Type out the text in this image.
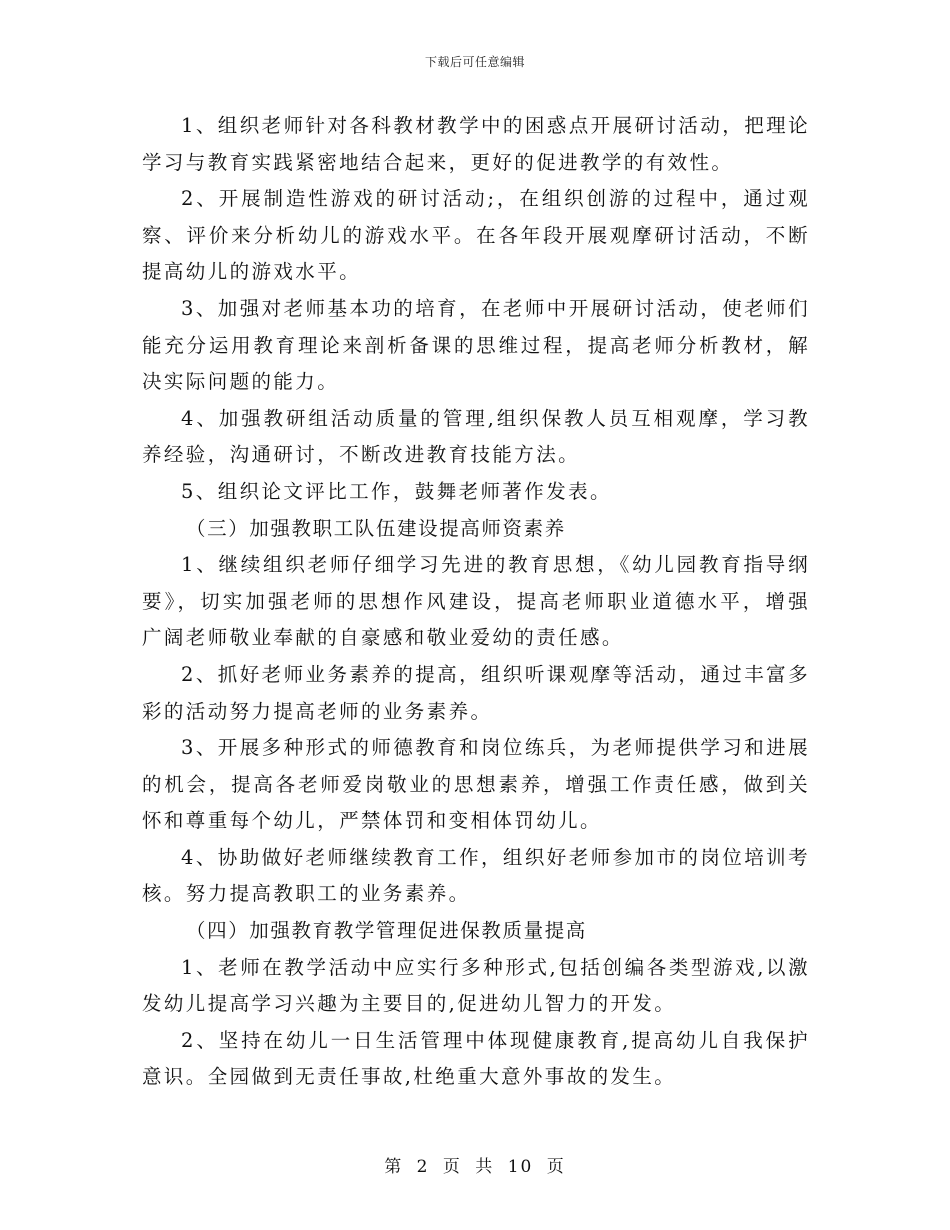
下载后可任意编辑

1、组织老师针对各科教材教学中的困惑点开展研讨活动，把理论学习与教育实践紧密地结合起来，更好的促进教学的有效性。

2、开展制造性游戏的研讨活动;，在组织创游的过程中，通过观察、评价来分析幼儿的游戏水平。在各年段开展观摩研讨活动，不断提高幼儿的游戏水平。

3、加强对老师基本功的培育，在老师中开展研讨活动，使老师们能充分运用教育理论来剖析备课的思维过程，提高老师分析教材，解决实际问题的能力。

4、加强教研组活动质量的管理,组织保教人员互相观摩，学习教养经验，沟通研讨，不断改进教育技能方法。

5、组织论文评比工作，鼓舞老师著作发表。

（三）加强教职工队伍建设提高师资素养

1、继续组织老师仔细学习先进的教育思想，《幼儿园教育指导纲要》，切实加强老师的思想作风建设，提高老师职业道德水平，增强广阔老师敬业奉献的自豪感和敬业爱幼的责任感。

2、抓好老师业务素养的提高，组织听课观摩等活动，通过丰富多彩的活动努力提高老师的业务素养。

3、开展多种形式的师德教育和岗位练兵，为老师提供学习和进展的机会，提高各老师爱岗敬业的思想素养，增强工作责任感，做到关怀和尊重每个幼儿，严禁体罚和变相体罚幼儿。

4、协助做好老师继续教育工作，组织好老师参加市的岗位培训考核。努力提高教职工的业务素养。

（四）加强教育教学管理促进保教质量提高

1、老师在教学活动中应实行多种形式,包括创编各类型游戏,以激发幼儿提高学习兴趣为主要目的,促进幼儿智力的开发。

2、坚持在幼儿一日生活管理中体现健康教育,提高幼儿自我保护意识。全园做到无责任事故,杜绝重大意外事故的发生。

第 2 页 共 10 页
